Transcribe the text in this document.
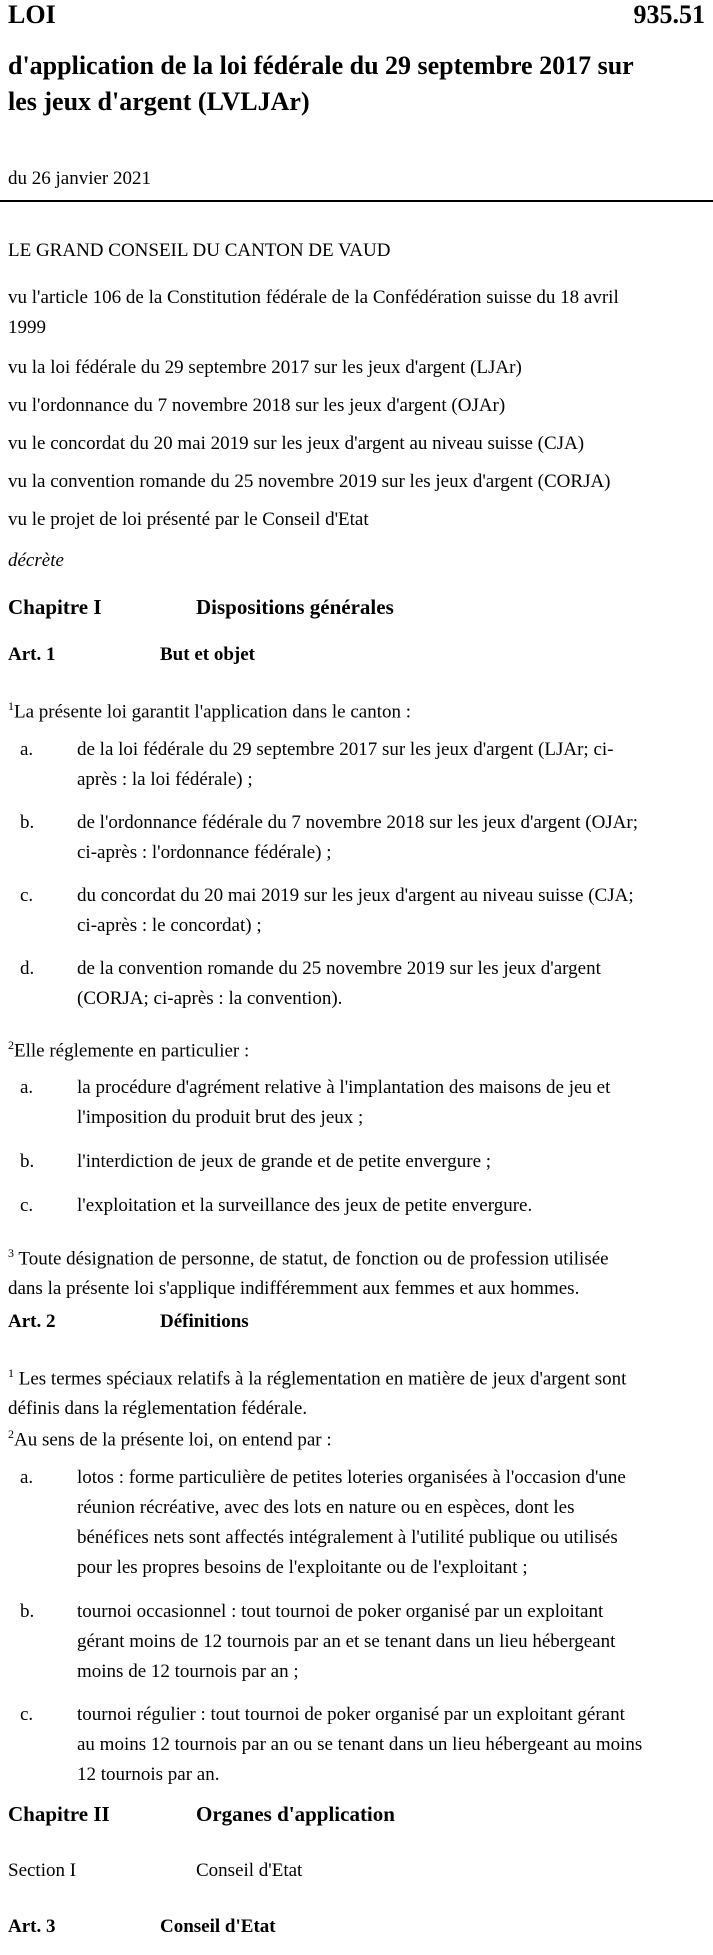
LOI	935.51
d'application de la loi fédérale du 29 septembre 2017 sur
les jeux d'argent (LVLJAr)
du 26 janvier 2021
LE GRAND CONSEIL DU CANTON DE VAUD
vu l'article 106 de la Constitution fédérale de la Confédération suisse du 18 avril
1999
vu la loi fédérale du 29 septembre 2017 sur les jeux d'argent (LJAr)
vu l'ordonnance du 7 novembre 2018 sur les jeux d'argent (OJAr)
vu le concordat du 20 mai 2019 sur les jeux d'argent au niveau suisse (CJA)
vu la convention romande du 25 novembre 2019 sur les jeux d'argent (CORJA)
vu le projet de loi présenté par le Conseil d'Etat
décrète
Chapitre I	Dispositions générales
Art. 1	But et objet
$^1$La présente loi garantit l'application dans le canton :
a. de la loi fédérale du 29 septembre 2017 sur les jeux d'argent (LJAr; ci-
après : la loi fédérale) ;
b. de l'ordonnance fédérale du 7 novembre 2018 sur les jeux d'argent (OJAr;
ci-après : l'ordonnance fédérale) ;
c. du concordat du 20 mai 2019 sur les jeux d'argent au niveau suisse (CJA;
ci-après : le concordat) ;
d. de la convention romande du 25 novembre 2019 sur les jeux d'argent
(CORJA; ci-après : la convention).
$^2$Elle réglemente en particulier :
a. la procédure d'agrément relative à l'implantation des maisons de jeu et
l'imposition du produit brut des jeux ;
b. l'interdiction de jeux de grande et de petite envergure ;
c. l'exploitation et la surveillance des jeux de petite envergure.
$^3$ Toute désignation de personne, de statut, de fonction ou de profession utilisée
dans la présente loi s'applique indifféremment aux femmes et aux hommes.
Art. 2	Définitions
$^1$ Les termes spéciaux relatifs à la réglementation en matière de jeux d'argent sont
définis dans la réglementation fédérale.
$^2$Au sens de la présente loi, on entend par :
a. lotos : forme particulière de petites loteries organisées à l'occasion d'une
réunion récréative, avec des lots en nature ou en espèces, dont les
bénéfices nets sont affectés intégralement à l'utilité publique ou utilisés
pour les propres besoins de l'exploitante ou de l'exploitant ;
b. tournoi occasionnel : tout tournoi de poker organisé par un exploitant
gérant moins de 12 tournois par an et se tenant dans un lieu hébergeant
moins de 12 tournois par an ;
c. tournoi régulier : tout tournoi de poker organisé par un exploitant gérant
au moins 12 tournois par an ou se tenant dans un lieu hébergeant au moins
12 tournois par an.
Chapitre II	Organes d'application
Section I	Conseil d'Etat
Art. 3	Conseil d'Etat
